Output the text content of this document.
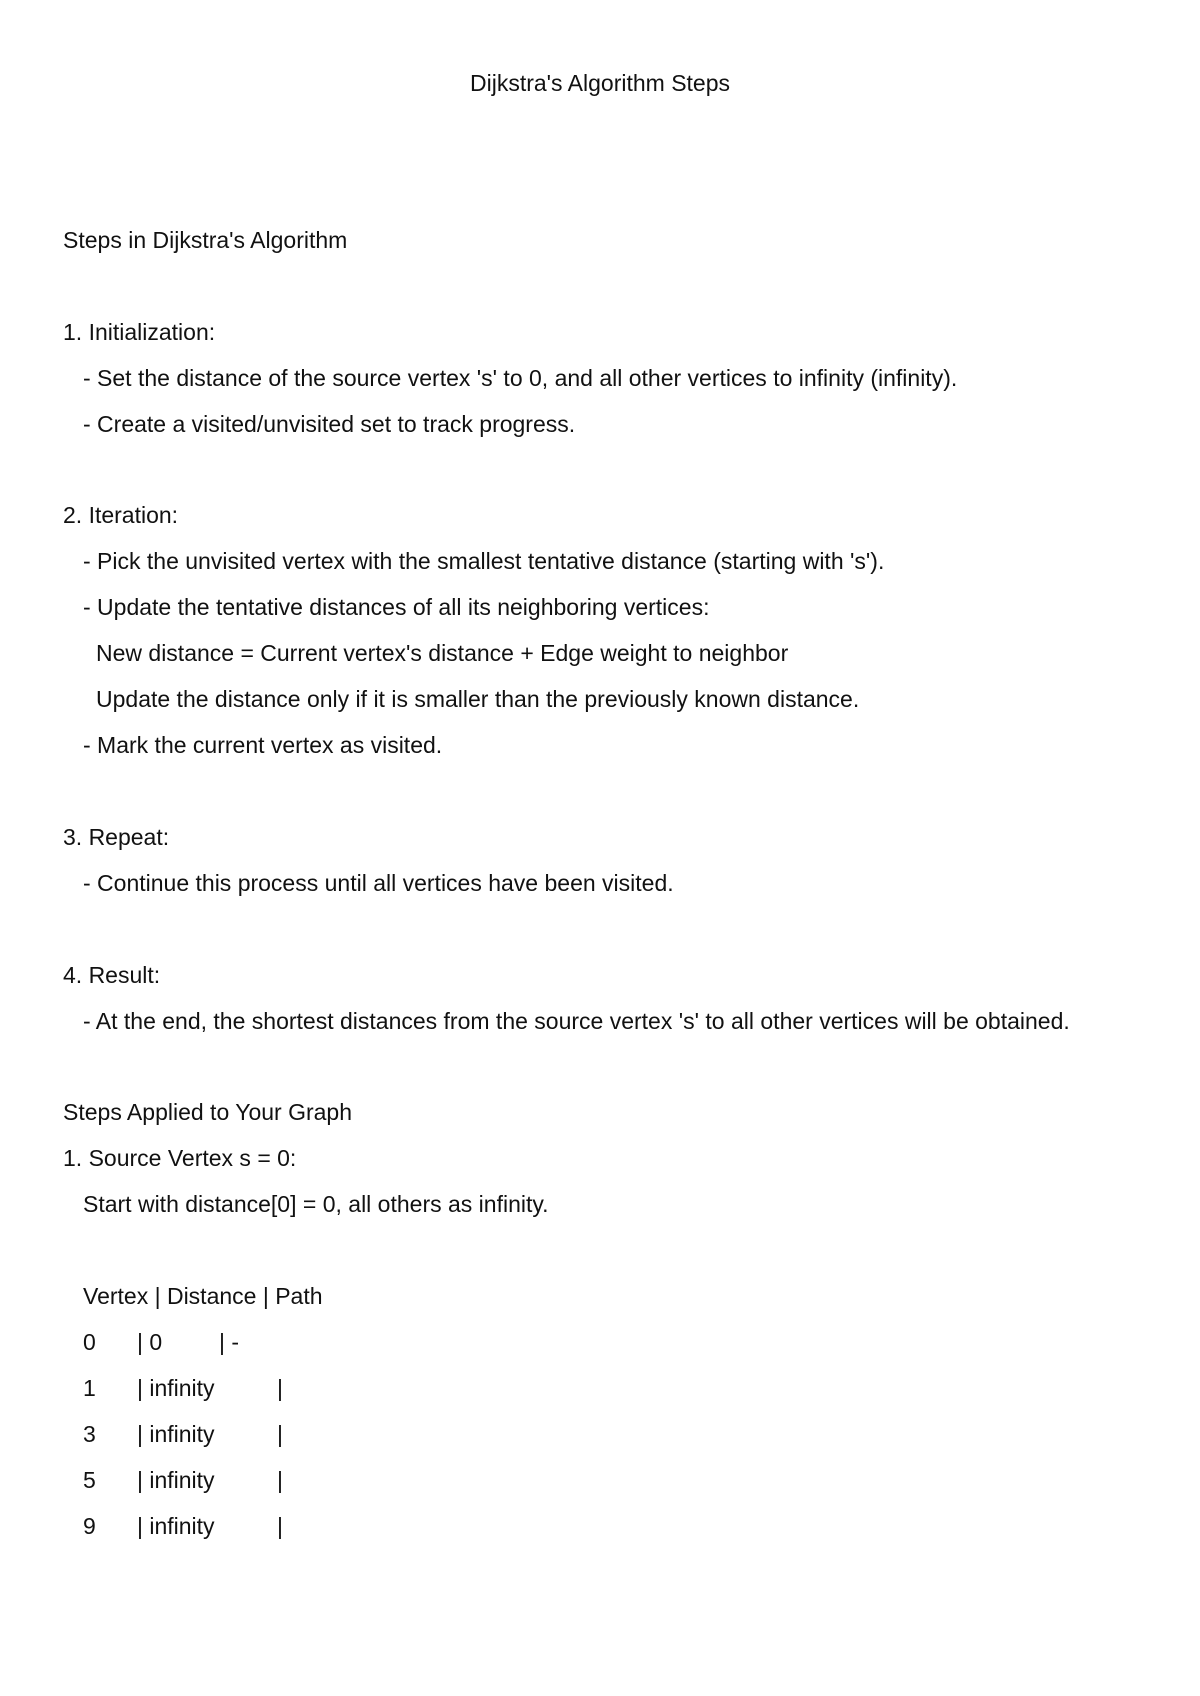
Dijkstra's Algorithm Steps
Steps in Dijkstra's Algorithm
1. Initialization:
- Set the distance of the source vertex 's' to 0, and all other vertices to infinity (infinity).
- Create a visited/unvisited set to track progress.
2. Iteration:
- Pick the unvisited vertex with the smallest tentative distance (starting with 's').
- Update the tentative distances of all its neighboring vertices:
New distance = Current vertex's distance + Edge weight to neighbor
Update the distance only if it is smaller than the previously known distance.
- Mark the current vertex as visited.
3. Repeat:
- Continue this process until all vertices have been visited.
4. Result:
- At the end, the shortest distances from the source vertex 's' to all other vertices will be obtained.
Steps Applied to Your Graph
1. Source Vertex s = 0:
Start with distance[0] = 0, all others as infinity.
Vertex | Distance | Path
0 | 0 | -
1 | infinity	|
3 | infinity	|
5 | infinity	|
9 | infinity	|
